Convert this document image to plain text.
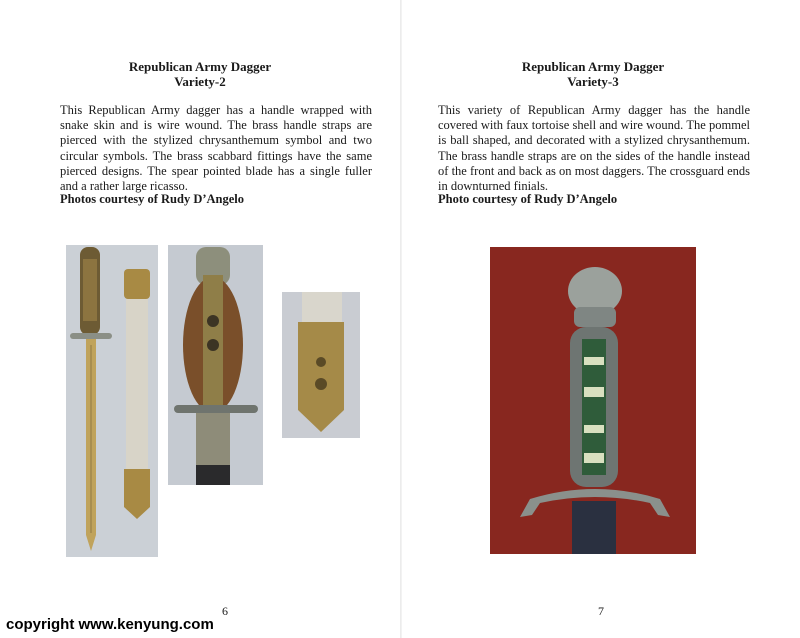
Republican Army Dagger
Variety-2
This Republican Army dagger has a handle wrapped with snake skin and is wire wound. The brass handle straps are pierced with the stylized chrysanthemum symbol and two circular symbols. The brass scabbard fittings have the same pierced designs. The spear pointed blade has a single fuller and a rather large ricasso.
Photos courtesy of Rudy D’Angelo
6
Republican Army Dagger
Variety-3
This variety of Republican Army dagger has the handle covered with faux tortoise shell and wire wound. The pommel is ball shaped, and decorated with a stylized chrysanthemum. The brass handle straps are on the sides of the handle instead of the front and back as on most daggers. The crossguard ends in downturned finials.
Photo courtesy of Rudy D’Angelo
7
copyright www.kenyung.com
